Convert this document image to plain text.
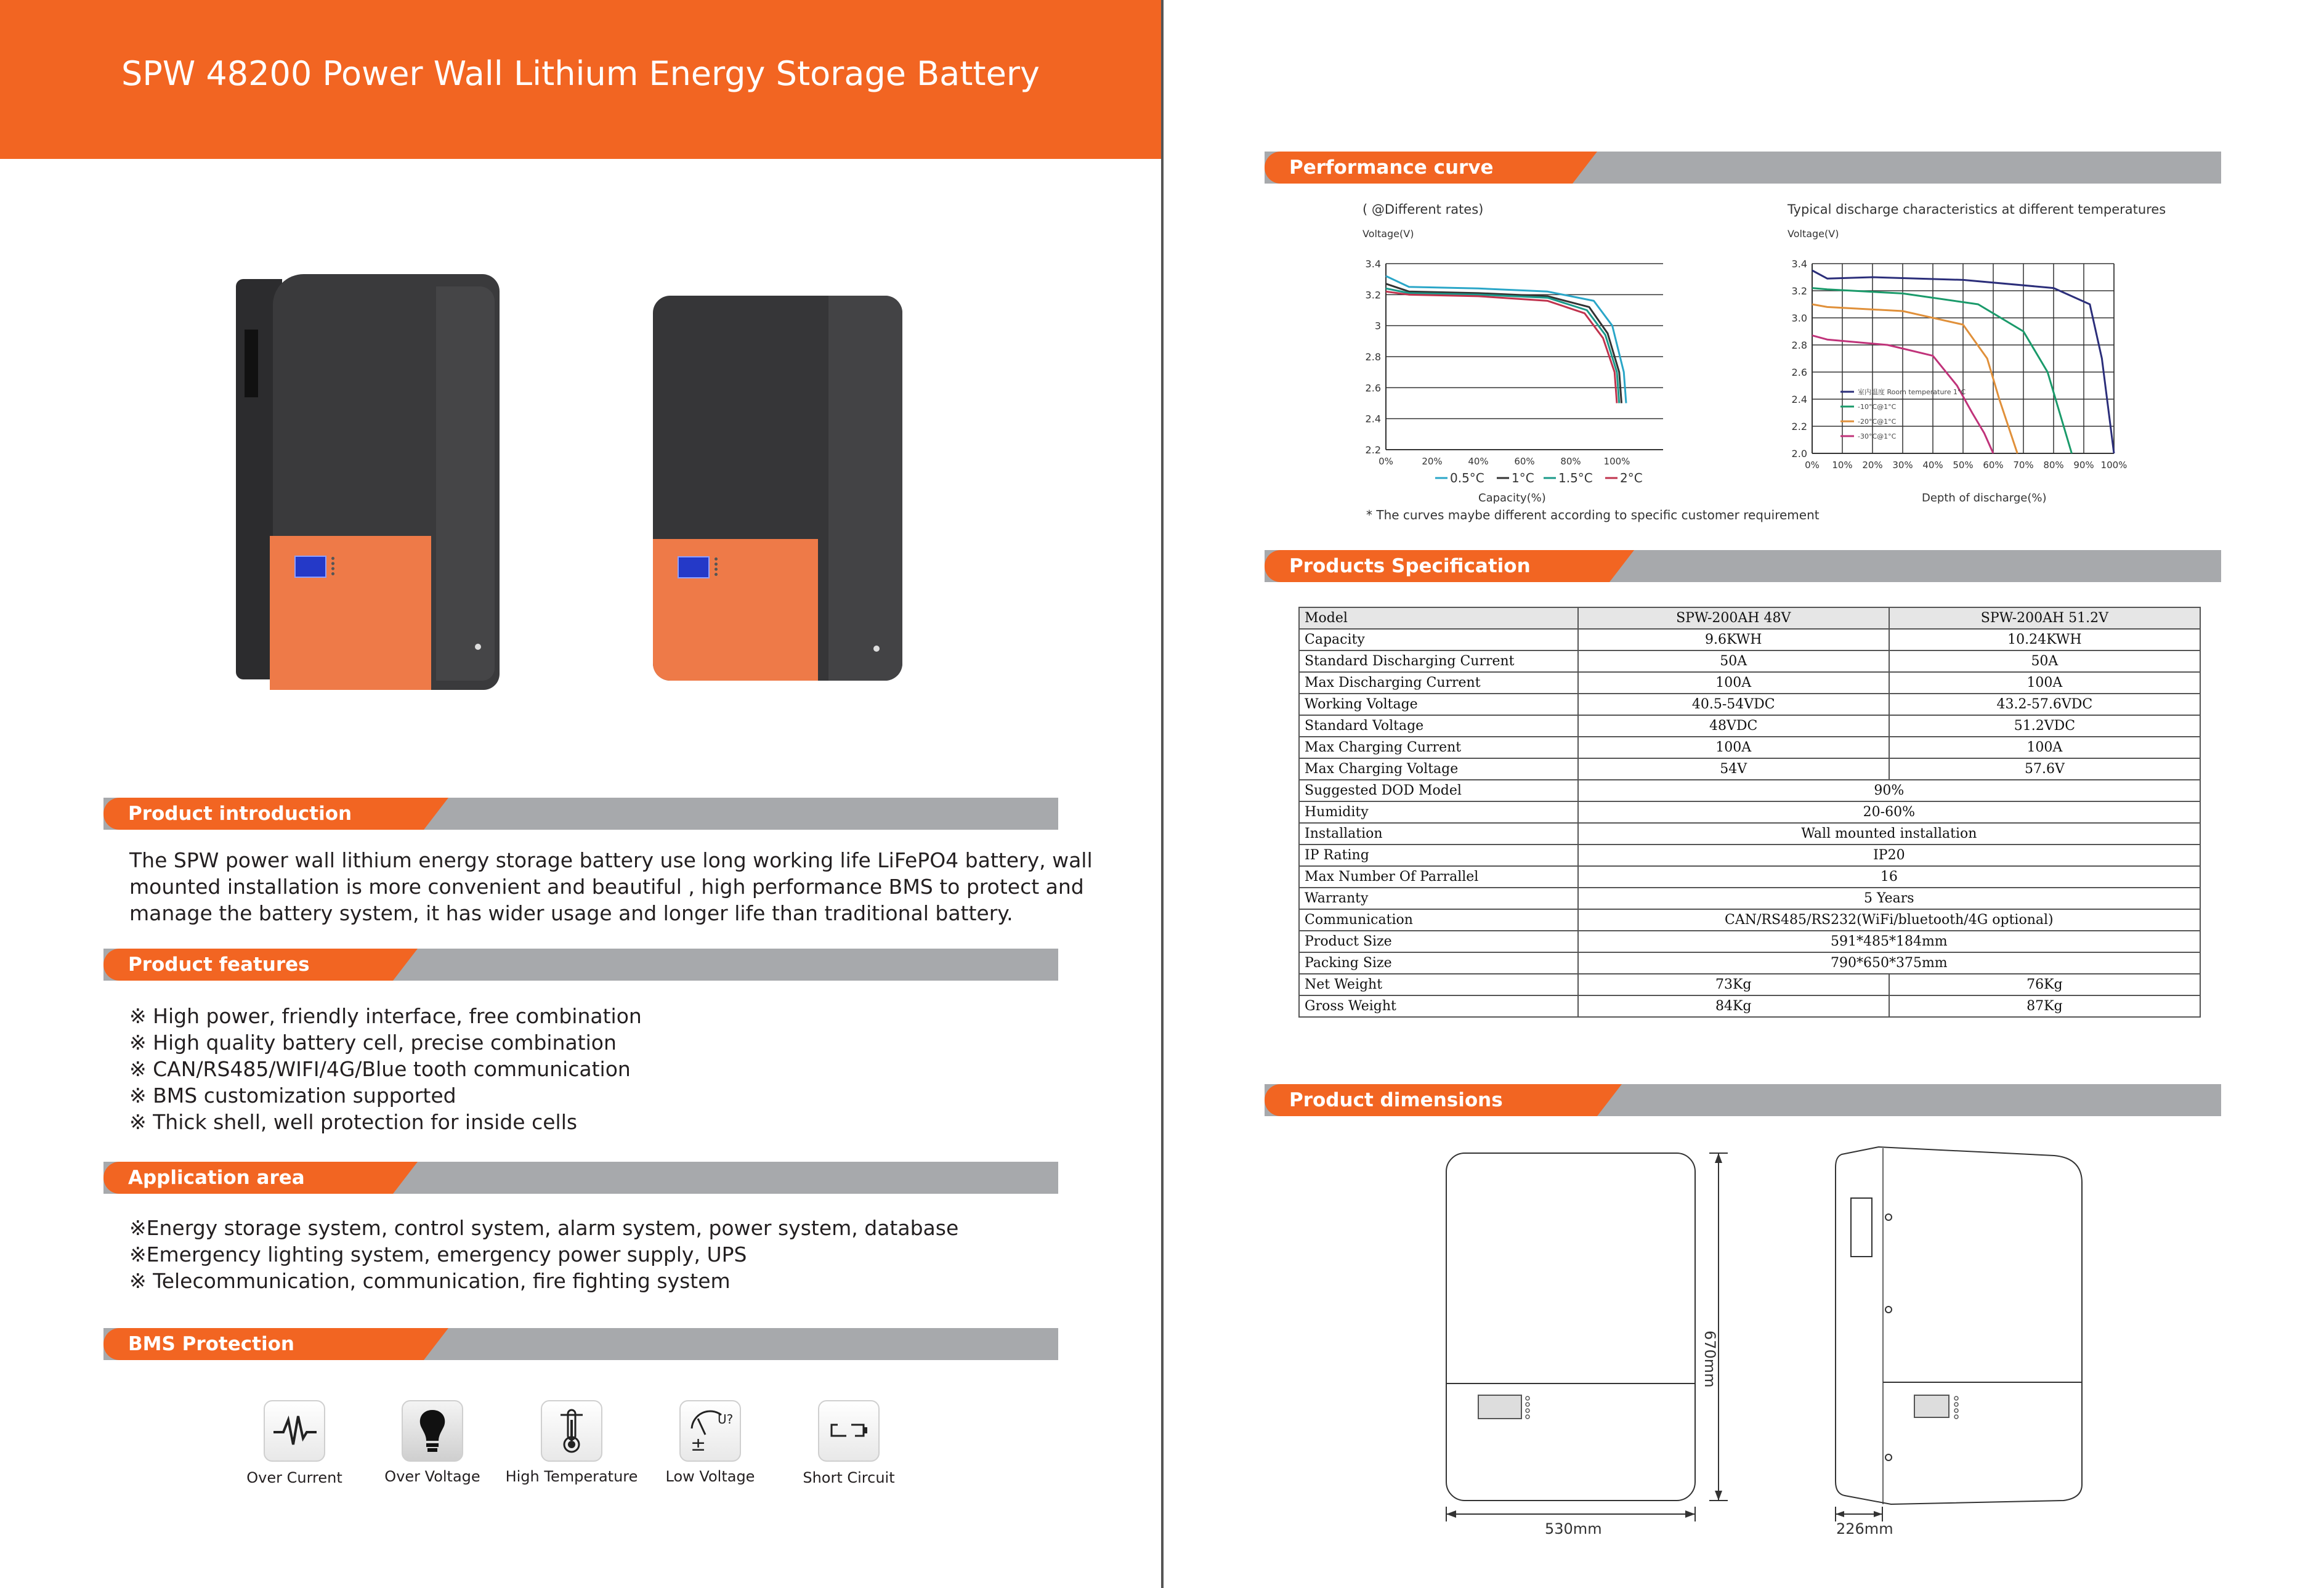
SPW 48200 Power Wall Lithium Energy Storage Battery
Product introduction
The SPW power wall lithium energy storage battery use long working life LiFePO4 battery, wall
mounted installation is more convenient and beautiful , high performance BMS to protect and
manage the battery system, it has wider usage and longer life than traditional battery.
Product features
※ High power, friendly interface, free combination
※ High quality battery cell, precise combination
※ CAN/RS485/WIFI/4G/Blue tooth communication
※ BMS customization supported
※ Thick shell, well protection for inside cells
Application area
※Energy storage system, control system, alarm system, power system, database
※Emergency lighting system, emergency power supply, UPS
※ Telecommunication, communication, fire fighting system
BMS Protection
Over Current	Over Voltage	High Temperature
U?
±
Low Voltage	Short Circuit
Performance curve
( @Different rates)
Voltage(V)
3.4
3.2
3
2.8
2.6
2.4
2.2
0%	20%	40%	60%	80% 100%
0.5°C 1°C 1.5°C 2°C
Capacity(%)
Typical discharge characteristics at different temperatures
Voltage(V)
3.4
3.2
3.0
2.8
2.6
2.4
2.2
2.0
0% 10% 20% 30% 40% 50% 60% 70% 80% 90% 100%
室内温度 Room temperature 1°C
-10°C@1°C
-20°C@1°C
-30°C@1°C
Depth of discharge(%)
* The curves maybe different according to specific customer requirement
Products Specification
Model	SPW-200AH 48V	SPW-200AH 51.2V
Capacity	9.6KWH	10.24KWH
Standard Discharging Current	50A	50A
Max Discharging Current	100A	100A
Working Voltage	40.5-54VDC	43.2-57.6VDC
Standard Voltage	48VDC	51.2VDC
Max Charging Current	100A	100A
Max Charging Voltage	54V	57.6V
Suggested DOD Model	90%	
Humidity	20-60%	
Installation	Wall mounted installation	
IP Rating	IP20	
Max Number Of Parrallel	16	
Warranty	5 Years	
Communication	CAN/RS485/RS232(WiFi/bluetooth/4G optional)	
Product Size	591*485*184mm	
Packing Size	790*650*375mm	
Net Weight	73Kg	76Kg
Gross Weight	84Kg	87Kg
Product dimensions
670mm
530mm	226mm
